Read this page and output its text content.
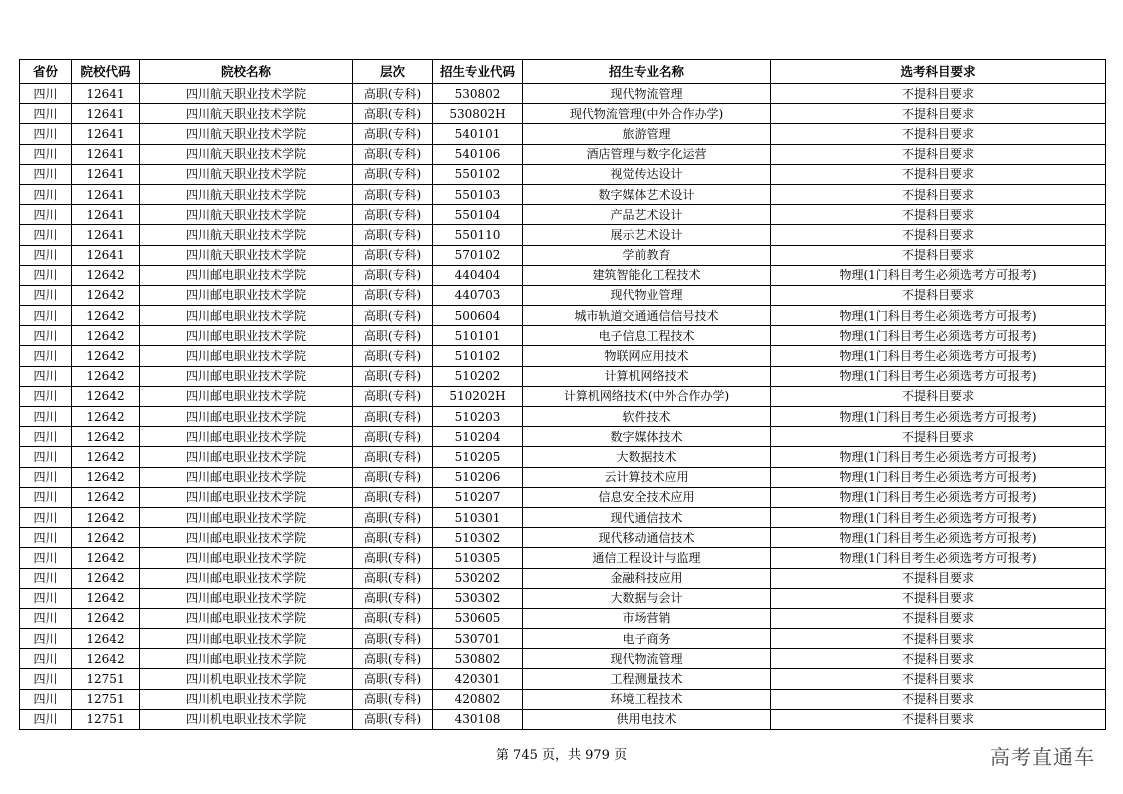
省份	院校代码	院校名称	层次	招生专业代码	招生专业名称	选考科目要求
四川	12641	四川航天职业技术学院	高职(专科)	530802	现代物流管理	不提科目要求
四川	12641	四川航天职业技术学院	高职(专科)	530802H	现代物流管理(中外合作办学)	不提科目要求
四川	12641	四川航天职业技术学院	高职(专科)	540101	旅游管理	不提科目要求
四川	12641	四川航天职业技术学院	高职(专科)	540106	酒店管理与数字化运营	不提科目要求
四川	12641	四川航天职业技术学院	高职(专科)	550102	视觉传达设计	不提科目要求
四川	12641	四川航天职业技术学院	高职(专科)	550103	数字媒体艺术设计	不提科目要求
四川	12641	四川航天职业技术学院	高职(专科)	550104	产品艺术设计	不提科目要求
四川	12641	四川航天职业技术学院	高职(专科)	550110	展示艺术设计	不提科目要求
四川	12641	四川航天职业技术学院	高职(专科)	570102	学前教育	不提科目要求
四川	12642	四川邮电职业技术学院	高职(专科)	440404	建筑智能化工程技术	物理(1门科目考生必须选考方可报考)
四川	12642	四川邮电职业技术学院	高职(专科)	440703	现代物业管理	不提科目要求
四川	12642	四川邮电职业技术学院	高职(专科)	500604	城市轨道交通通信信号技术	物理(1门科目考生必须选考方可报考)
四川	12642	四川邮电职业技术学院	高职(专科)	510101	电子信息工程技术	物理(1门科目考生必须选考方可报考)
四川	12642	四川邮电职业技术学院	高职(专科)	510102	物联网应用技术	物理(1门科目考生必须选考方可报考)
四川	12642	四川邮电职业技术学院	高职(专科)	510202	计算机网络技术	物理(1门科目考生必须选考方可报考)
四川	12642	四川邮电职业技术学院	高职(专科)	510202H	计算机网络技术(中外合作办学)	不提科目要求
四川	12642	四川邮电职业技术学院	高职(专科)	510203	软件技术	物理(1门科目考生必须选考方可报考)
四川	12642	四川邮电职业技术学院	高职(专科)	510204	数字媒体技术	不提科目要求
四川	12642	四川邮电职业技术学院	高职(专科)	510205	大数据技术	物理(1门科目考生必须选考方可报考)
四川	12642	四川邮电职业技术学院	高职(专科)	510206	云计算技术应用	物理(1门科目考生必须选考方可报考)
四川	12642	四川邮电职业技术学院	高职(专科)	510207	信息安全技术应用	物理(1门科目考生必须选考方可报考)
四川	12642	四川邮电职业技术学院	高职(专科)	510301	现代通信技术	物理(1门科目考生必须选考方可报考)
四川	12642	四川邮电职业技术学院	高职(专科)	510302	现代移动通信技术	物理(1门科目考生必须选考方可报考)
四川	12642	四川邮电职业技术学院	高职(专科)	510305	通信工程设计与监理	物理(1门科目考生必须选考方可报考)
四川	12642	四川邮电职业技术学院	高职(专科)	530202	金融科技应用	不提科目要求
四川	12642	四川邮电职业技术学院	高职(专科)	530302	大数据与会计	不提科目要求
四川	12642	四川邮电职业技术学院	高职(专科)	530605	市场营销	不提科目要求
四川	12642	四川邮电职业技术学院	高职(专科)	530701	电子商务	不提科目要求
四川	12642	四川邮电职业技术学院	高职(专科)	530802	现代物流管理	不提科目要求
四川	12751	四川机电职业技术学院	高职(专科)	420301	工程测量技术	不提科目要求
四川	12751	四川机电职业技术学院	高职(专科)	420802	环境工程技术	不提科目要求
四川	12751	四川机电职业技术学院	高职(专科)	430108	供用电技术	不提科目要求
第 745 页，共 979 页	高考直通车
